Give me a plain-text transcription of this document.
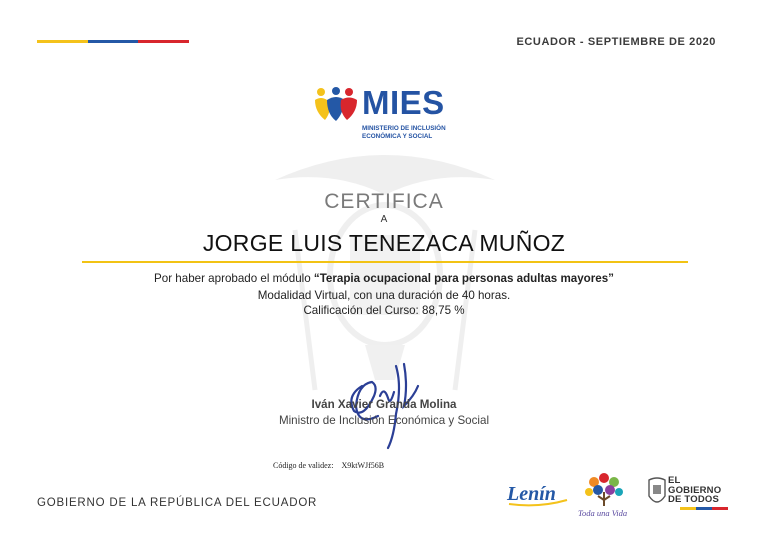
ECUADOR - SEPTIEMBRE DE 2020
MIES
MINISTERIO DE INCLUSIÓN
ECONÓMICA Y SOCIAL
CERTIFICA
A
JORGE LUIS TENEZACA MUÑOZ
Por haber aprobado el módulo “Terapia ocupacional para personas adultas mayores”
Modalidad Virtual, con una duración de 40 horas.
Calificación del Curso: 88,75 %
Iván Xavier Granda Molina
Ministro de Inclusión Económica y Social
Código de validez: X9ktWJf56B
GOBIERNO DE LA REPÚBLICA DEL ECUADOR	Lenín
Toda una Vida
EL
GOBIERNO
DE TODOS
